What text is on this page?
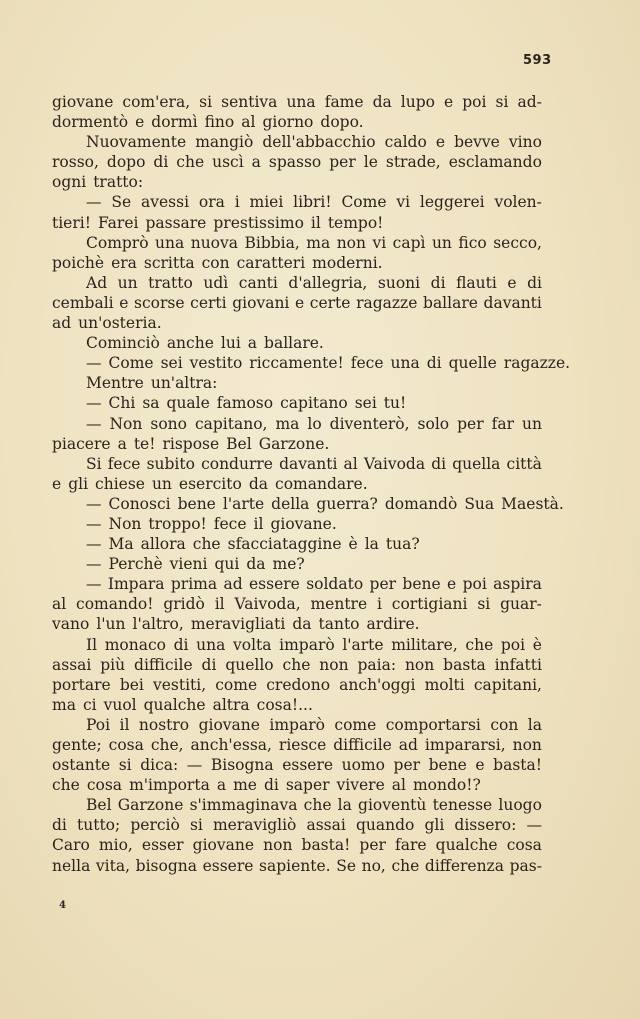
593
giovane com'era, si sentiva una fame da lupo e poi si ad-
dormentò e dormì fino al giorno dopo.
Nuovamente mangiò dell'abbacchio caldo e bevve vino
rosso, dopo di che uscì a spasso per le strade, esclamando
ogni tratto:
— Se avessi ora i miei libri! Come vi leggerei volen-
tieri! Farei passare prestissimo il tempo!
Comprò una nuova Bibbia, ma non vi capì un fico secco,
poichè era scritta con caratteri moderni.
Ad un tratto udì canti d'allegria, suoni di flauti e di
cembali e scorse certi giovani e certe ragazze ballare davanti
ad un'osteria.
Cominciò anche lui a ballare.
— Come sei vestito riccamente! fece una di quelle ragazze.
Mentre un'altra:
— Chi sa quale famoso capitano sei tu!
— Non sono capitano, ma lo diventerò, solo per far un
piacere a te! rispose Bel Garzone.
Si fece subito condurre davanti al Vaivoda di quella città
e gli chiese un esercito da comandare.
— Conosci bene l'arte della guerra? domandò Sua Maestà.
— Non troppo! fece il giovane.
— Ma allora che sfacciataggine è la tua?
— Perchè vieni qui da me?
— Impara prima ad essere soldato per bene e poi aspira
al comando! gridò il Vaivoda, mentre i cortigiani si guar-
vano l'un l'altro, meravigliati da tanto ardire.
Il monaco di una volta imparò l'arte militare, che poi è
assai più difficile di quello che non paia: non basta infatti
portare bei vestiti, come credono anch'oggi molti capitani,
ma ci vuol qualche altra cosa!...
Poi il nostro giovane imparò come comportarsi con la
gente; cosa che, anch'essa, riesce difficile ad impararsi, non
ostante si dica: — Bisogna essere uomo per bene e basta!
che cosa m'importa a me di saper vivere al mondo!?
Bel Garzone s'immaginava che la gioventù tenesse luogo
di tutto; perciò si meravigliò assai quando gli dissero: —
Caro mio, esser giovane non basta! per fare qualche cosa
nella vita, bisogna essere sapiente. Se no, che differenza pas-
4
